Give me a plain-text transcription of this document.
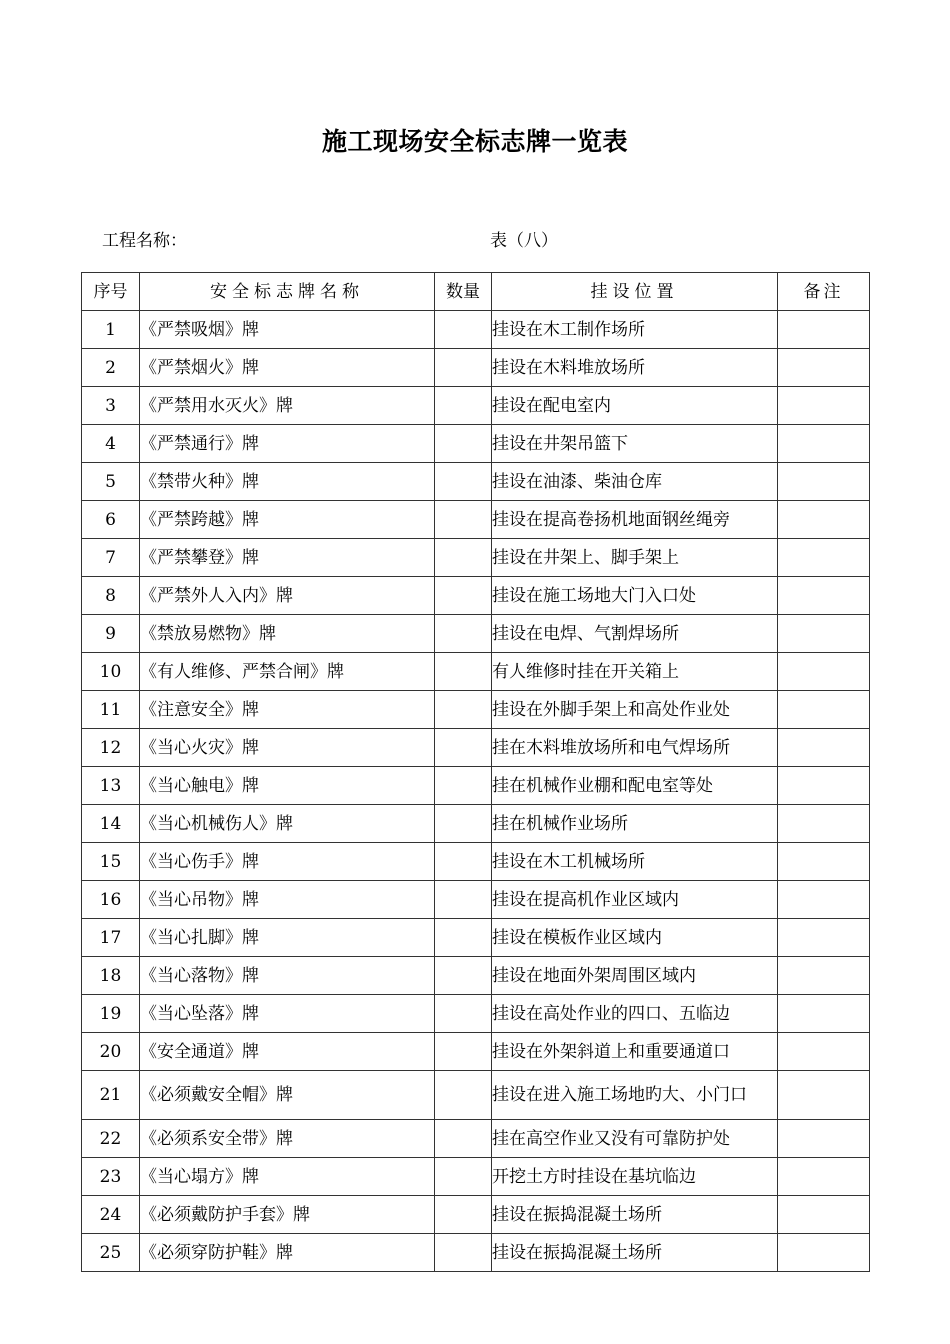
施工现场安全标志牌一览表
工程名称：	表（八）
序号	安全标志牌名称	数量	挂设位置	备注
1	《严禁吸烟》牌		挂设在木工制作场所	
2	《严禁烟火》牌		挂设在木料堆放场所	
3	《严禁用水灭火》牌		挂设在配电室内	
4	《严禁通行》牌		挂设在井架吊篮下	
5	《禁带火种》牌		挂设在油漆、柴油仓库	
6	《严禁跨越》牌		挂设在提高卷扬机地面钢丝绳旁	
7	《严禁攀登》牌		挂设在井架上、脚手架上	
8	《严禁外人入内》牌		挂设在施工场地大门入口处	
9	《禁放易燃物》牌		挂设在电焊、气割焊场所	
10	《有人维修、严禁合闸》牌		有人维修时挂在开关箱上	
11	《注意安全》牌		挂设在外脚手架上和高处作业处	
12	《当心火灾》牌		挂在木料堆放场所和电气焊场所	
13	《当心触电》牌		挂在机械作业棚和配电室等处	
14	《当心机械伤人》牌		挂在机械作业场所	
15	《当心伤手》牌		挂设在木工机械场所	
16	《当心吊物》牌		挂设在提高机作业区域内	
17	《当心扎脚》牌		挂设在模板作业区域内	
18	《当心落物》牌		挂设在地面外架周围区域内	
19	《当心坠落》牌		挂设在高处作业的四口、五临边	
20	《安全通道》牌		挂设在外架斜道上和重要通道口	
21	《必须戴安全帽》牌		挂设在进入施工场地旳大、小门口	
22	《必须系安全带》牌		挂在高空作业又没有可靠防护处	
23	《当心塌方》牌		开挖土方时挂设在基坑临边	
24	《必须戴防护手套》牌		挂设在振捣混凝土场所	
25	《必须穿防护鞋》牌		挂设在振捣混凝土场所	
